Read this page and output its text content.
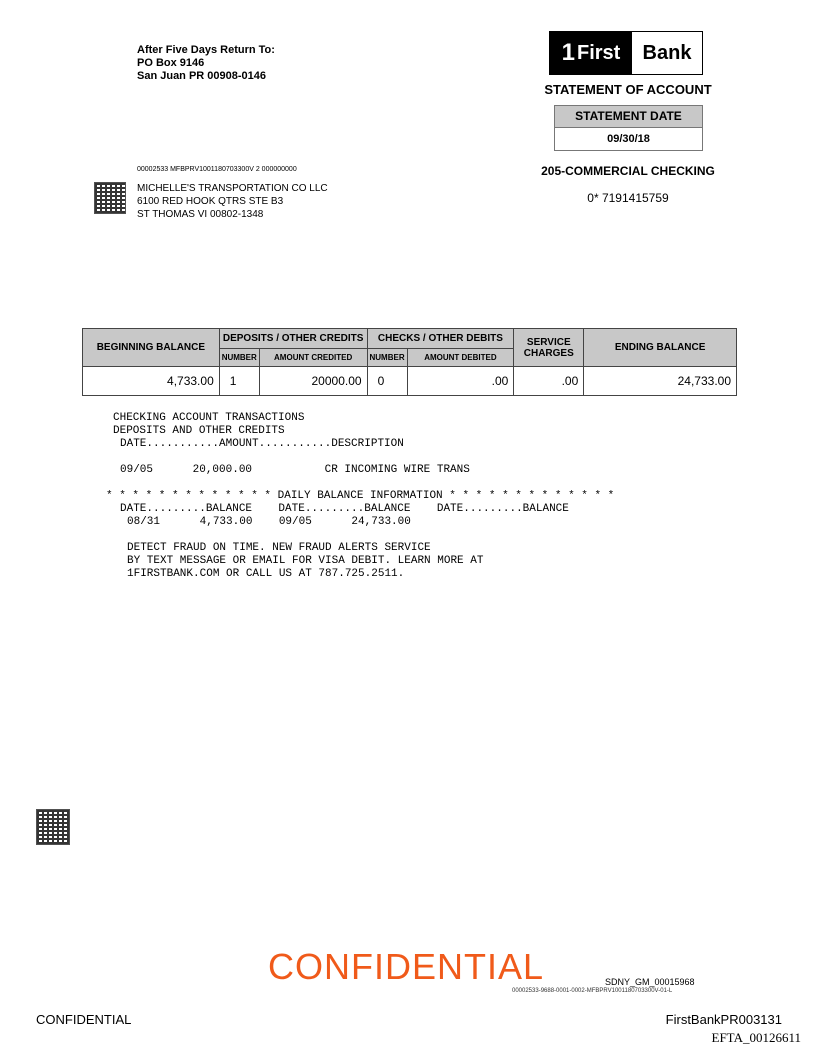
After Five Days Return To:
PO Box 9146
San Juan PR 00908-0146
1 First	Bank
STATEMENT OF ACCOUNT
STATEMENT DATE
09/30/18
205-COMMERCIAL CHECKING
0* 7191415759
00002533 MFBPRV1001180703300V 2 000000000
MICHELLE'S TRANSPORTATION CO LLC
6100 RED HOOK QTRS STE B3
ST THOMAS VI 00802-1348
BEGINNING BALANCE	DEPOSITS / OTHER CREDITS		CHECKS / OTHER DEBITS		SERVICE CHARGES	ENDING BALANCE
	NUMBER	AMOUNT CREDITED	NUMBER	AMOUNT DEBITED		
4,733.00	1	20000.00	0	.00	.00	24,733.00
CHECKING ACCOUNT TRANSACTIONS
DEPOSITS AND OTHER CREDITS
DATE...........AMOUNT...........DESCRIPTION
09/05      20,000.00           CR INCOMING WIRE TRANS
* * * * * * * * * * * * * DAILY BALANCE INFORMATION * * * * * * * * * * * * *
DATE.........BALANCE    DATE.........BALANCE    DATE.........BALANCE
08/31      4,733.00    09/05      24,733.00
DETECT FRAUD ON TIME. NEW FRAUD ALERTS SERVICE
BY TEXT MESSAGE OR EMAIL FOR VISA DEBIT. LEARN MORE AT
1FIRSTBANK.COM OR CALL US AT 787.725.2511.
CONFIDENTIAL	SDNY_GM_00015968
00002533-9688-0001-0002-MFBPRV1001180703300V-01-L
CONFIDENTIAL	FirstBankPR003131
EFTA_00126611
